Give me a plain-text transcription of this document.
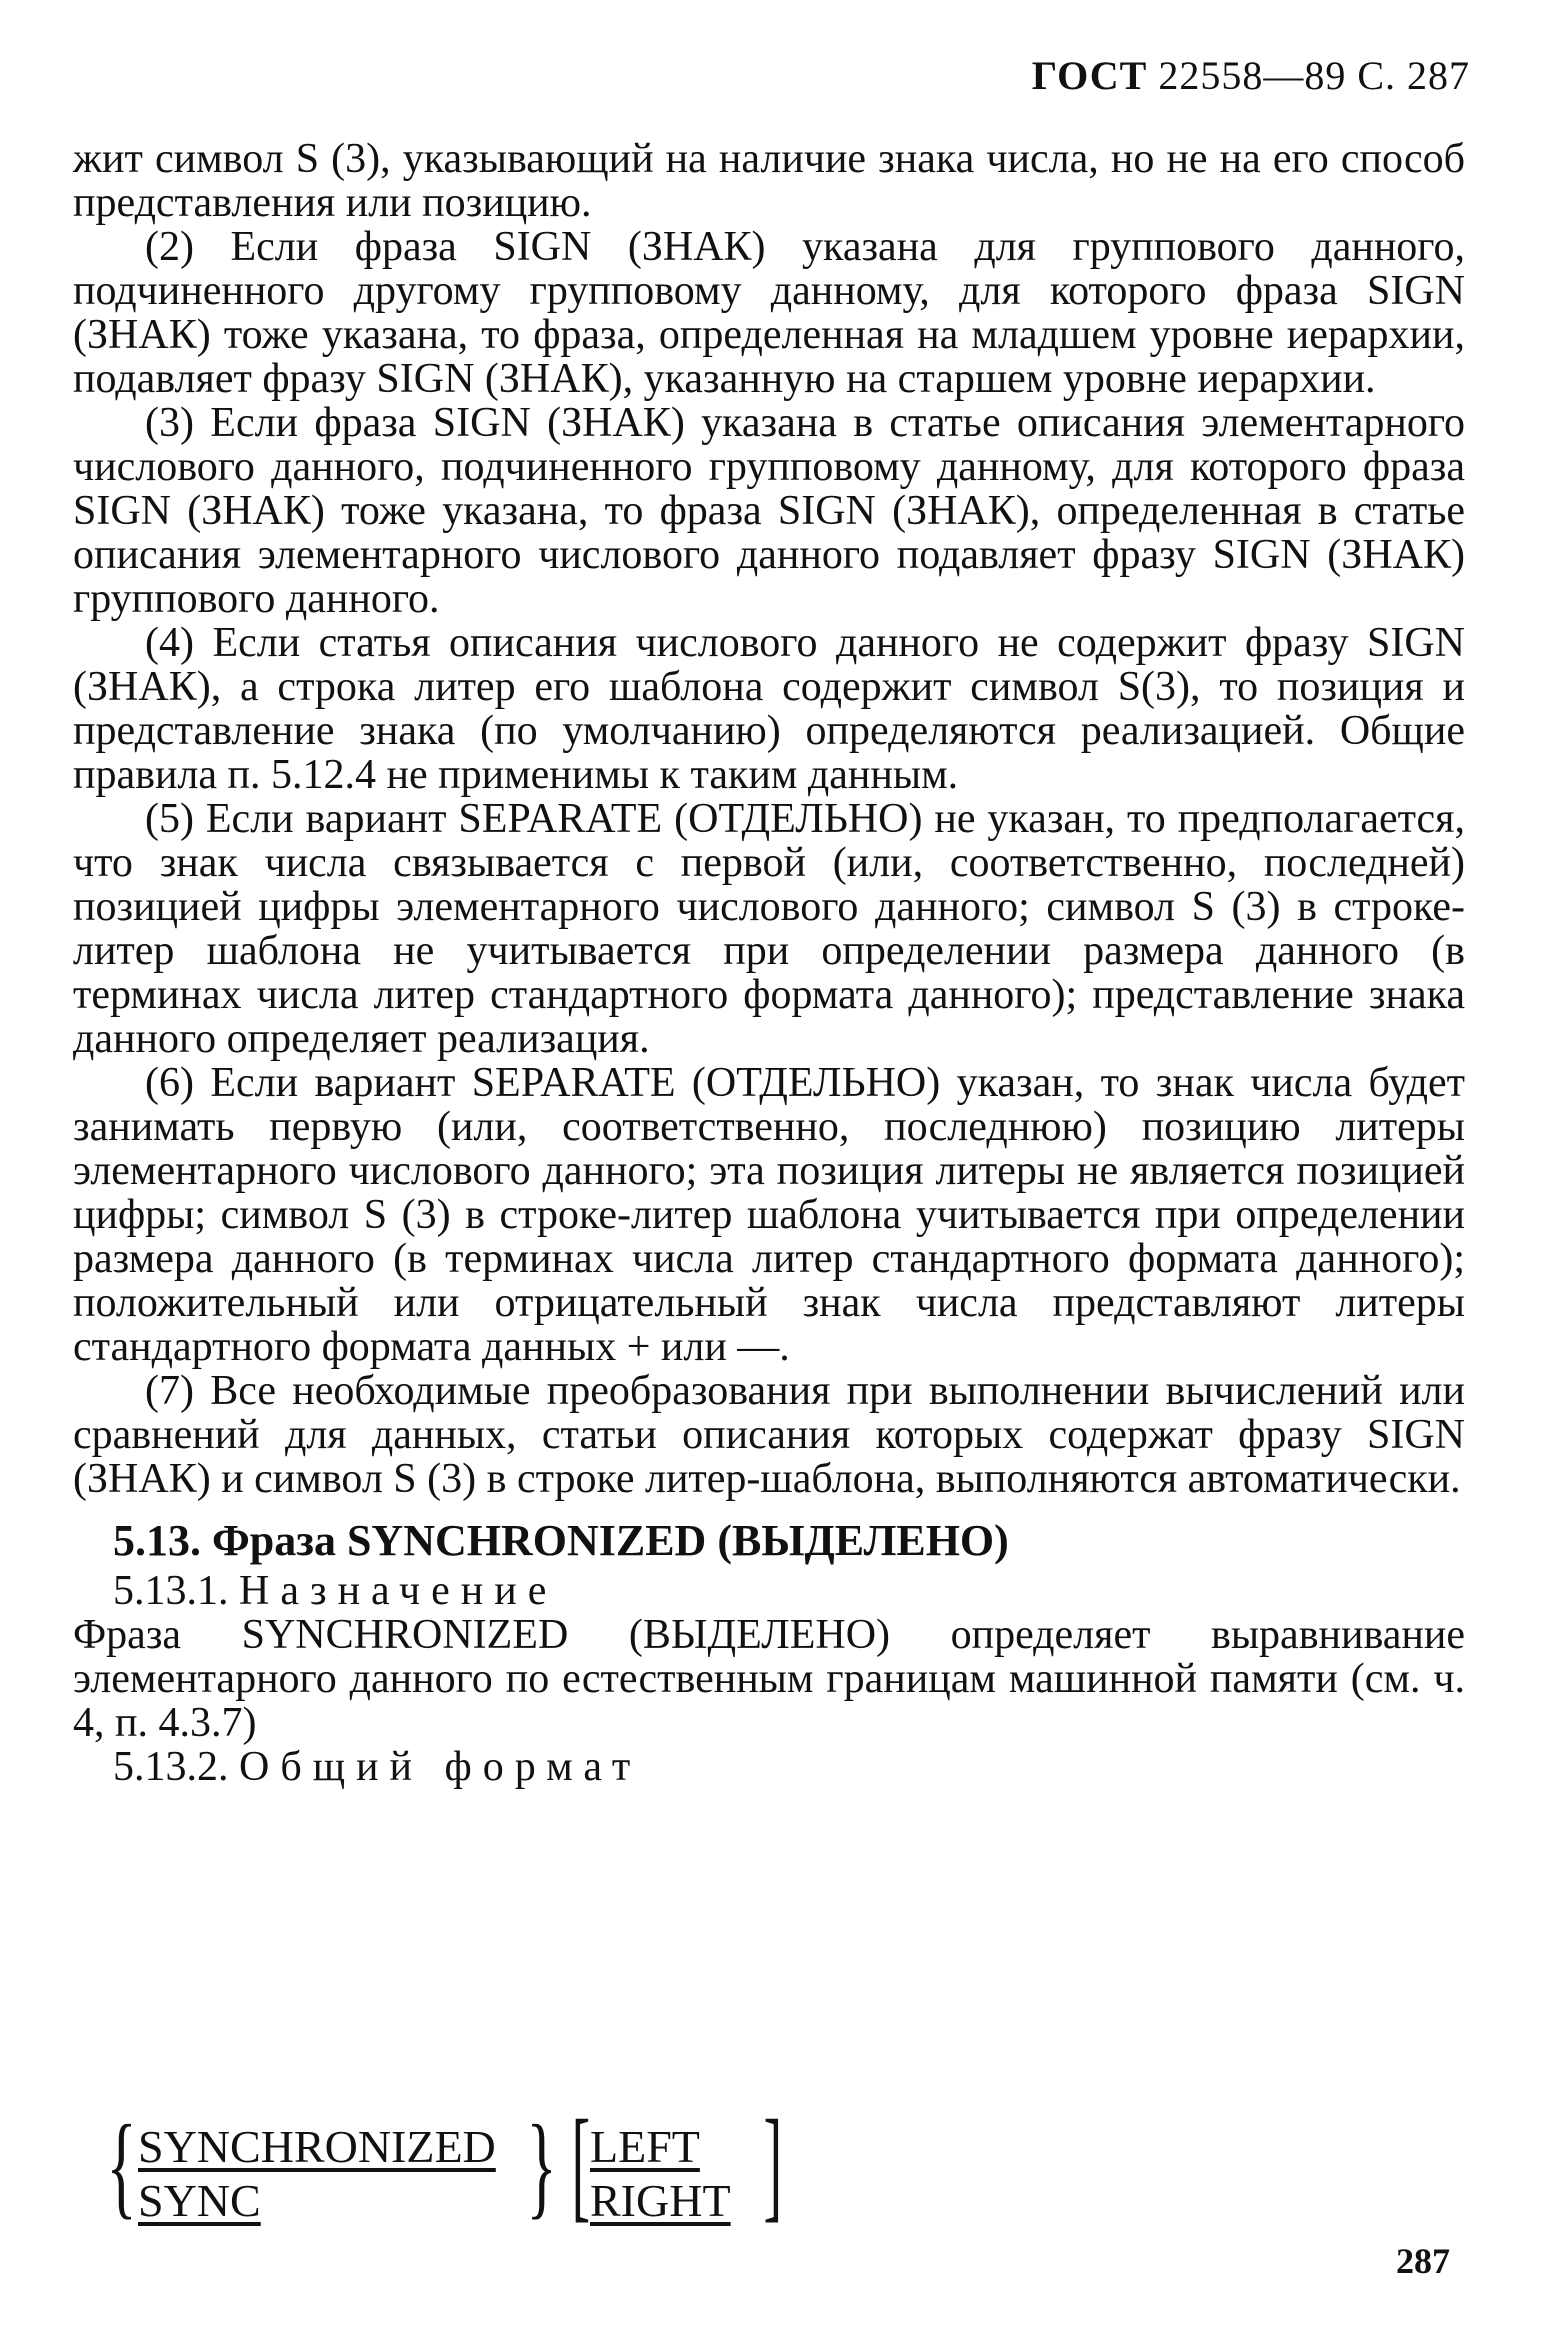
ГОСТ 22558—89 С. 287

жит символ S (3), указывающий на наличие знака числа, но не на его способ представления или позицию.

(2) Если фраза SIGN (ЗНАК) указана для группового данного, подчиненного другому групповому данному, для которого фраза SIGN (ЗНАК) тоже указана, то фраза, определенная на младшем уровне иерархии, подавляет фразу SIGN (ЗНАК), указанную на старшем уровне иерархии.

(3) Если фраза SIGN (ЗНАК) указана в статье описания элементарного числового данного, подчиненного групповому данному, для которого фраза SIGN (ЗНАК) тоже указана, то фраза SIGN (ЗНАК), определенная в статье описания элементарного числового данного подавляет фразу SIGN (ЗНАК) группового данного.

(4) Если статья описания числового данного не содержит фразу SIGN (ЗНАК), а строка литер его шаблона содержит символ S(3), то позиция и представление знака (по умолчанию) определяются реализацией. Общие правила п. 5.12.4 не применимы к таким данным.

(5) Если вариант SEPARATE (ОТДЕЛЬНО) не указан, то предполагается, что знак числа связывается с первой (или, соответственно, последней) позицией цифры элементарного числового данного; символ S (3) в строке-литер шаблона не учитывается при определении размера данного (в терминах числа литер стандартного формата данного); представление знака данного определяет реализация.

(6) Если вариант SEPARATE (ОТДЕЛЬНО) указан, то знак числа будет занимать первую (или, соответственно, последнюю) позицию литеры элементарного числового данного; эта позиция литеры не является позицией цифры; символ S (3) в строке-литер шаблона учитывается при определении размера данного (в терминах числа литер стандартного формата данного); положительный или отрицательный знак числа представляют литеры стандартного формата данных + или —.

(7) Все необходимые преобразования при выполнении вычислений или сравнений для данных, статьи описания которых содержат фразу SIGN (ЗНАК) и символ S (3) в строке литер-шаблона, выполняются автоматически.

5.13. Фраза SYNCHRONIZED (ВЫДЕЛЕНО)

5.13.1. Назначение

Фраза SYNCHRONIZED (ВЫДЕЛЕНО) определяет выравнивание элементарного данного по естественным границам машинной памяти (см. ч. 4, п. 4.3.7)

5.13.2. Общий формат

{ SYNCHRONIZED
SYNC	} [ LEFT
RIGHT ]
287
